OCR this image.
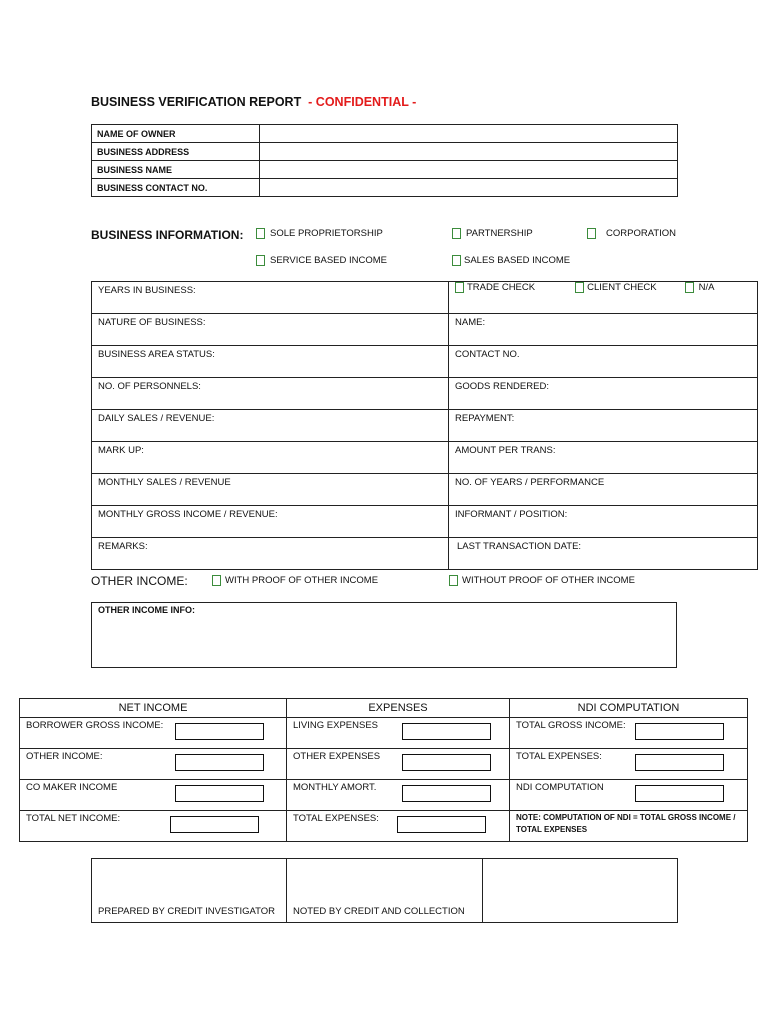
BUSINESS VERIFICATION REPORT - CONFIDENTIAL -
NAME OF OWNER	
BUSINESS ADDRESS	
BUSINESS NAME	
BUSINESS CONTACT NO.	
BUSINESS INFORMATION:	SOLE PROPRIETORSHIP	PARTNERSHIP	CORPORATION
SERVICE BASED INCOME	SALES BASED INCOME
YEARS IN BUSINESS:	TRADE CHECK CLIENT CHECK N/A

NATURE OF BUSINESS:	NAME:
BUSINESS AREA STATUS:	CONTACT NO.
NO. OF PERSONNELS:	GOODS RENDERED:
DAILY SALES / REVENUE:	REPAYMENT:
MARK UP:	AMOUNT PER TRANS:
MONTHLY SALES / REVENUE	NO. OF YEARS / PERFORMANCE
MONTHLY GROSS INCOME / REVENUE:	INFORMANT / POSITION:
REMARKS:	LAST TRANSACTION DATE:
OTHER INCOME:	WITH PROOF OF OTHER INCOME	WITHOUT PROOF OF OTHER INCOME
OTHER INCOME INFO:
NET INCOME	EXPENSES	NDI COMPUTATION
BORROWER GROSS INCOME:	LIVING EXPENSES	TOTAL GROSS INCOME:

OTHER INCOME:	OTHER EXPENSES	TOTAL EXPENSES:

CO MAKER INCOME	MONTHLY AMORT.	NDI COMPUTATION

TOTAL NET INCOME:	TOTAL EXPENSES:	NOTE: COMPUTATION OF NDI = TOTAL GROSS INCOME / TOTAL EXPENSES
PREPARED BY CREDIT INVESTIGATOR	NOTED BY CREDIT AND COLLECTION	
